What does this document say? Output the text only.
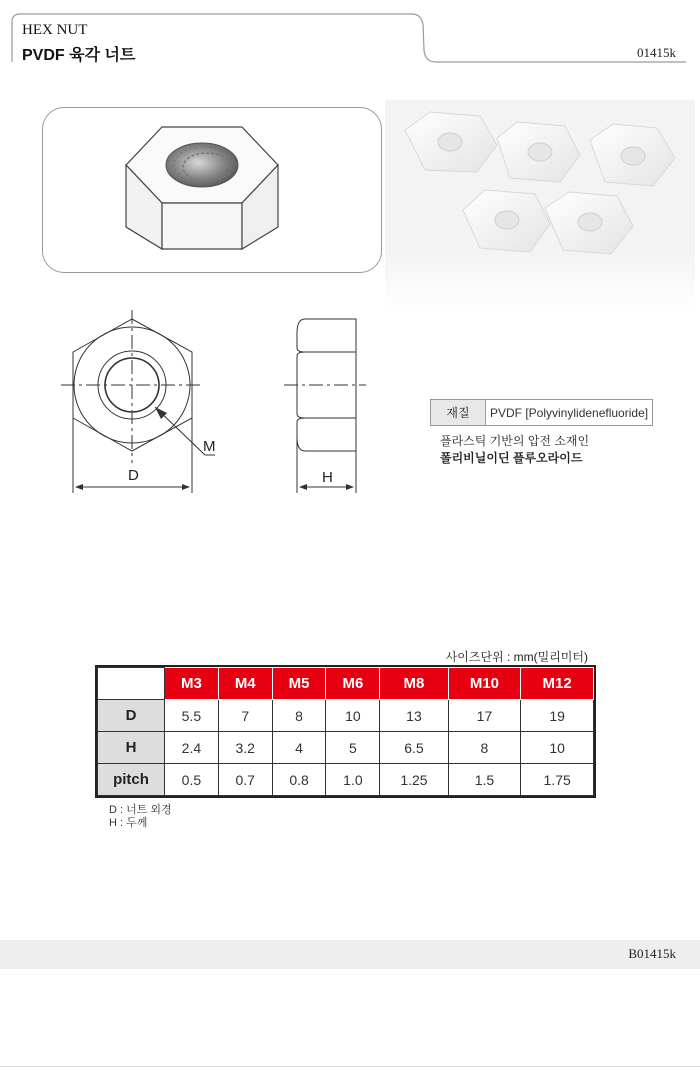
HEX NUT
PVDF 육각 너트	01415k
M
D	H
재질	PVDF [Polyvinylidenefluoride]
플라스틱 기반의 압전 소재인
폴리비닐이딘 플루오라이드
사이즈단위 : mm(밀리미터)
	M3	M4	M5	M6	M8	M10	M12
D	5.5	7	8	10	13	17	19
H	2.4	3.2	4	5	6.5	8	10
pitch	0.5	0.7	0.8	1.0	1.25	1.5	1.75
D : 너트 외경
H : 두께
B01415k
